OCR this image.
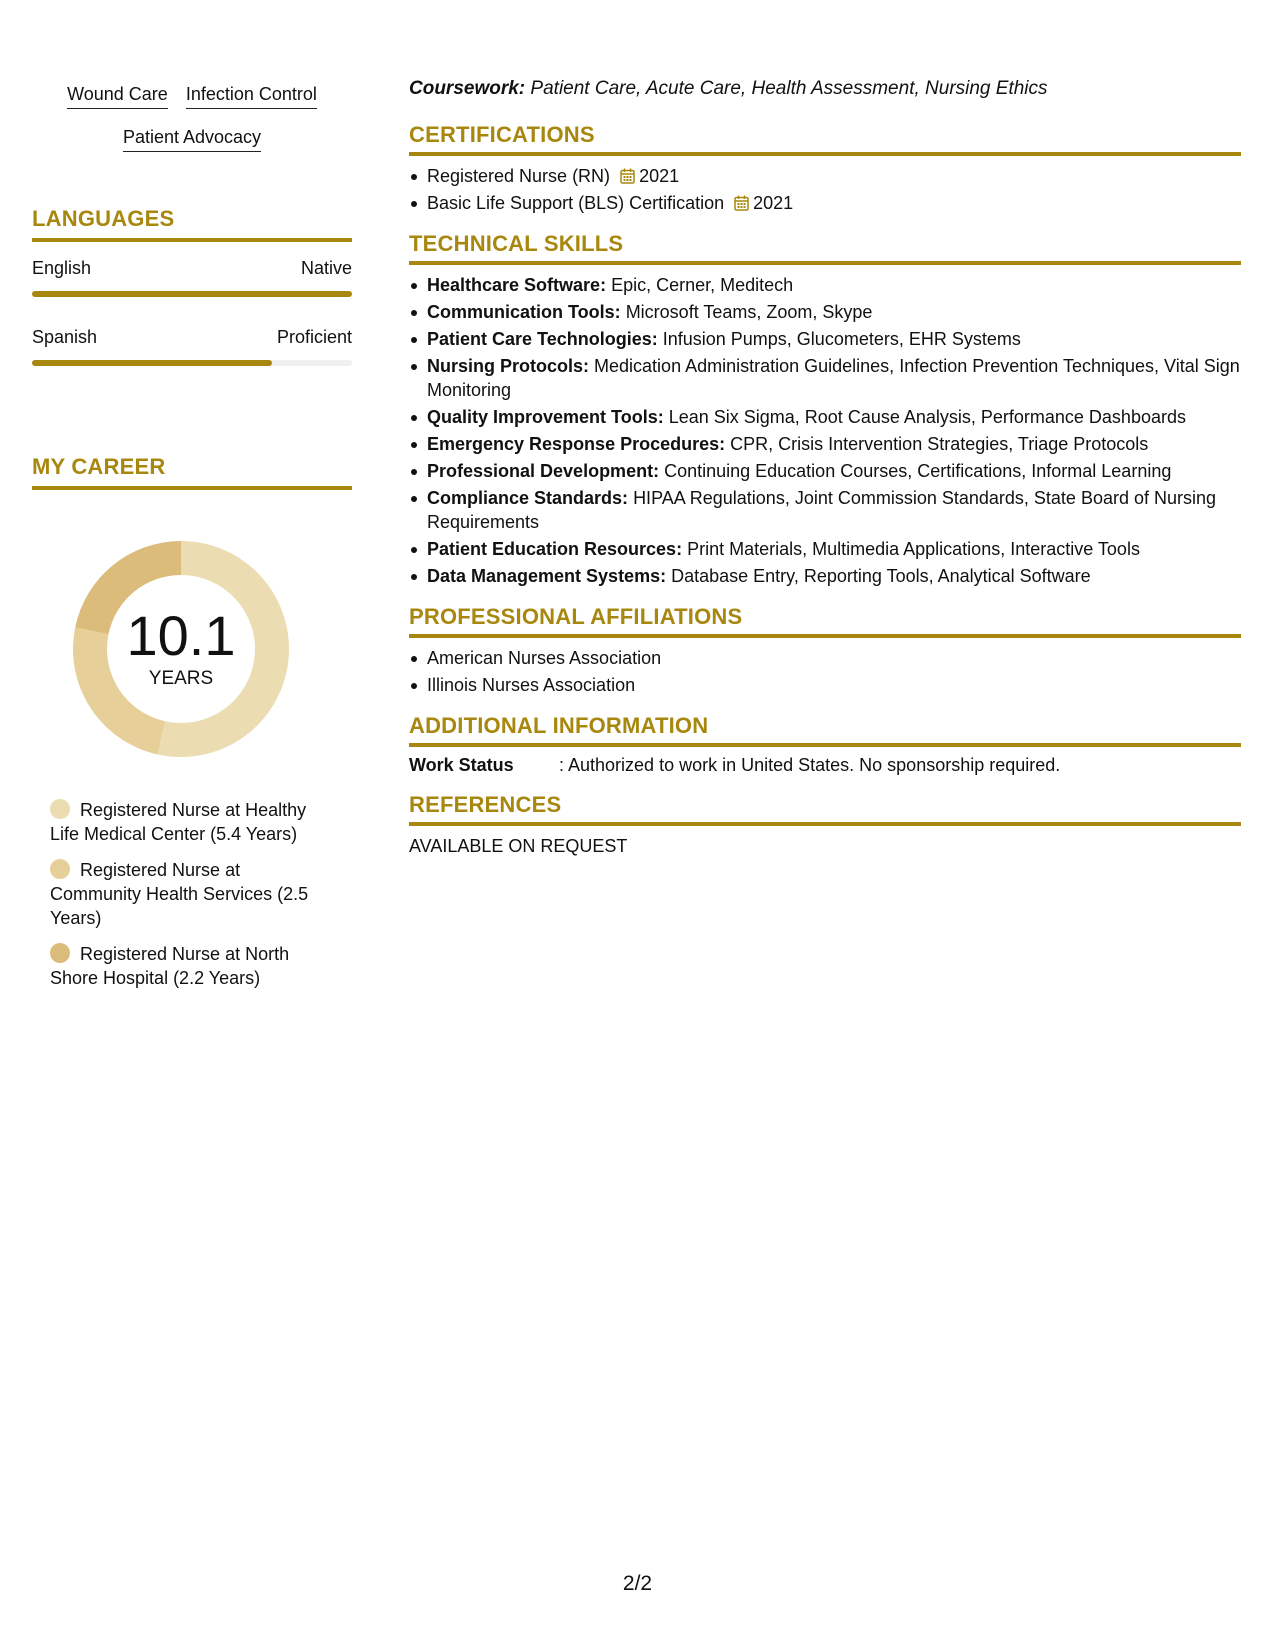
Wound Care Infection Control
Patient Advocacy
LANGUAGES
English	Native
Spanish	Proficient
MY CAREER
10.1
YEARS
Registered Nurse at Healthy Life Medical Center (5.4 Years)
Registered Nurse at Community Health Services (2.5 Years)
Registered Nurse at North Shore Hospital (2.2 Years)
Coursework: Patient Care, Acute Care, Health Assessment, Nursing Ethics
CERTIFICATIONS
Registered Nurse (RN) 2021
Basic Life Support (BLS) Certification 2021
TECHNICAL SKILLS
Healthcare Software: Epic, Cerner, Meditech
Communication Tools: Microsoft Teams, Zoom, Skype
Patient Care Technologies: Infusion Pumps, Glucometers, EHR Systems
Nursing Protocols: Medication Administration Guidelines, Infection Prevention Techniques, Vital Sign Monitoring
Quality Improvement Tools: Lean Six Sigma, Root Cause Analysis, Performance Dashboards
Emergency Response Procedures: CPR, Crisis Intervention Strategies, Triage Protocols
Professional Development: Continuing Education Courses, Certifications, Informal Learning
Compliance Standards: HIPAA Regulations, Joint Commission Standards, State Board of Nursing Requirements
Patient Education Resources: Print Materials, Multimedia Applications, Interactive Tools
Data Management Systems: Database Entry, Reporting Tools, Analytical Software
PROFESSIONAL AFFILIATIONS
American Nurses Association
Illinois Nurses Association
ADDITIONAL INFORMATION
Work Status	: Authorized to work in United States. No sponsorship required.
REFERENCES
AVAILABLE ON REQUEST
2/2
